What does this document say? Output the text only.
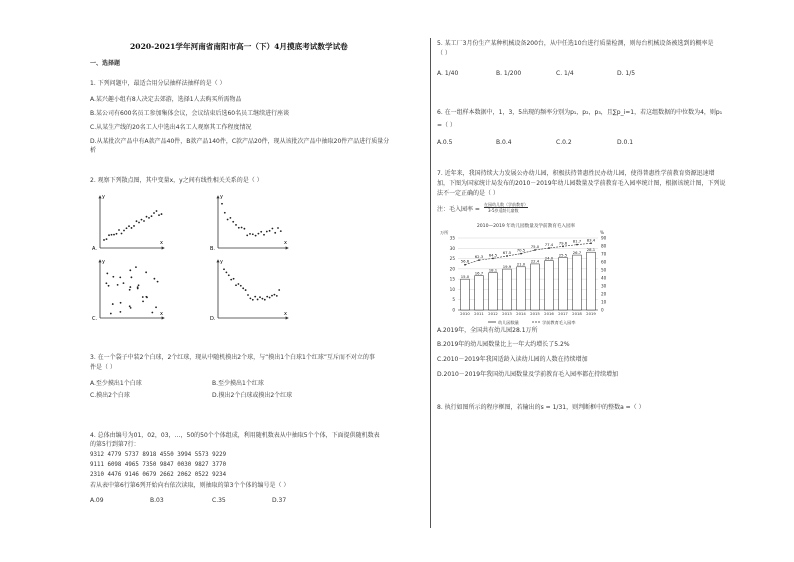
2020-2021学年河南省南阳市高一（下）4月摸底考试数学试卷
一、选择题
1. 下列问题中，最适合用分层抽样法抽样的是（ ）
A.某兴趣小组有8人决定去郊游，选择1人去购买所需物品
B.某公司有600名员工参加集体会议，会议结束后选60名员工继续进行座谈
C.从某生产线的20名工人中选出4名工人观察其工作程度情况
D.从某批次产品中有A款产品40件，B款产品140件，C款产品20件，现从该批次产品中抽取20件产品进行质量分
析
2. 观察下列散点图，其中变量x，y之间有线性相关关系的是（ ）
A.
y
x
B.
y
x
C.
y
x
D.
y
x
3. 在一个袋子中装2个白球，2个红球，现从中随机摸出2个球，与“摸出1个白球1个红球”互斥而不对立的事
件是（ ）
A.至少摸出1个白球	B.至少摸出1个红球
C.摸出2个白球	D.摸出2个白球或摸出2个红球
4. 总体由编号为01，02，03，…，50的50个个体组成，利用随机数表从中抽取5个个体，下面提供随机数表
的第5行到第7行：
9312 4779 5737 8918 4550 3994 5573 9229
9111 6098 4965 7350 9847 0030 9827 3770
2310 4476 9146 0679 2662 2062 0522 9234
若从表中第6行第6列开始向右依次读取，则抽取的第3个个体的编号是（ ）
A.09	B.03	C.35	D.37
5. 某工厂3月份生产某种机械设备200台，从中任选10台进行质量检测，则每台机械设备被选到的概率是
（ ）
A. 1/40	B. 1/200	C. 1/4	D. 1/5
6. 在一组样本数据中，1，3，5出现的频率分别为p₁，p₂，p₃，且∑p_i=1，若这组数据的中位数为4，则p₁
=（ ）
A.0.5	B.0.4	C.0.2	D.0.1
7. 近年来，我国持续大力发展公办幼儿园，积极扶持普惠性民办幼儿园，使得普惠性学前教育资源迅速增
加，下图为国家统计局发布的2010－2019年幼儿园数量及学前教育毛入园率统计图，根据该统计图，下列说
法不一定正确的是（ ）
注：毛入园率 =
在园幼儿数（学前教育）
3-5岁适龄儿童数
2010—2019 年幼儿园数量及学前教育毛入园率
万所	%
15.0
16.7
18.1
19.9 21.0
22.4
24.0
25.5 26.7
28.1
56.6
62.3 64.5 67.5 70.5
75.0 77.4 79.6 81.7 83.4
0
5
10
15
20
25
30
35
0
10
20
30
40
50
60
70
80
90
2010 2011 2012 2013 2014 2015 2016 2017 2018 2019
幼儿园数量	学前教育毛入园率
A.2019年，全国共有幼儿园28.1万所
B.2019年的幼儿园数量比上一年大约增长了5.2%
C.2010－2019年我国适龄入读幼儿园的人数在持续增加
D.2010－2019年我国幼儿园数量及学前教育毛入园率都在持续增加
8. 执行如图所示的程序框图，若输出的s = 1/31，则判断框中的整数a =（ ）
